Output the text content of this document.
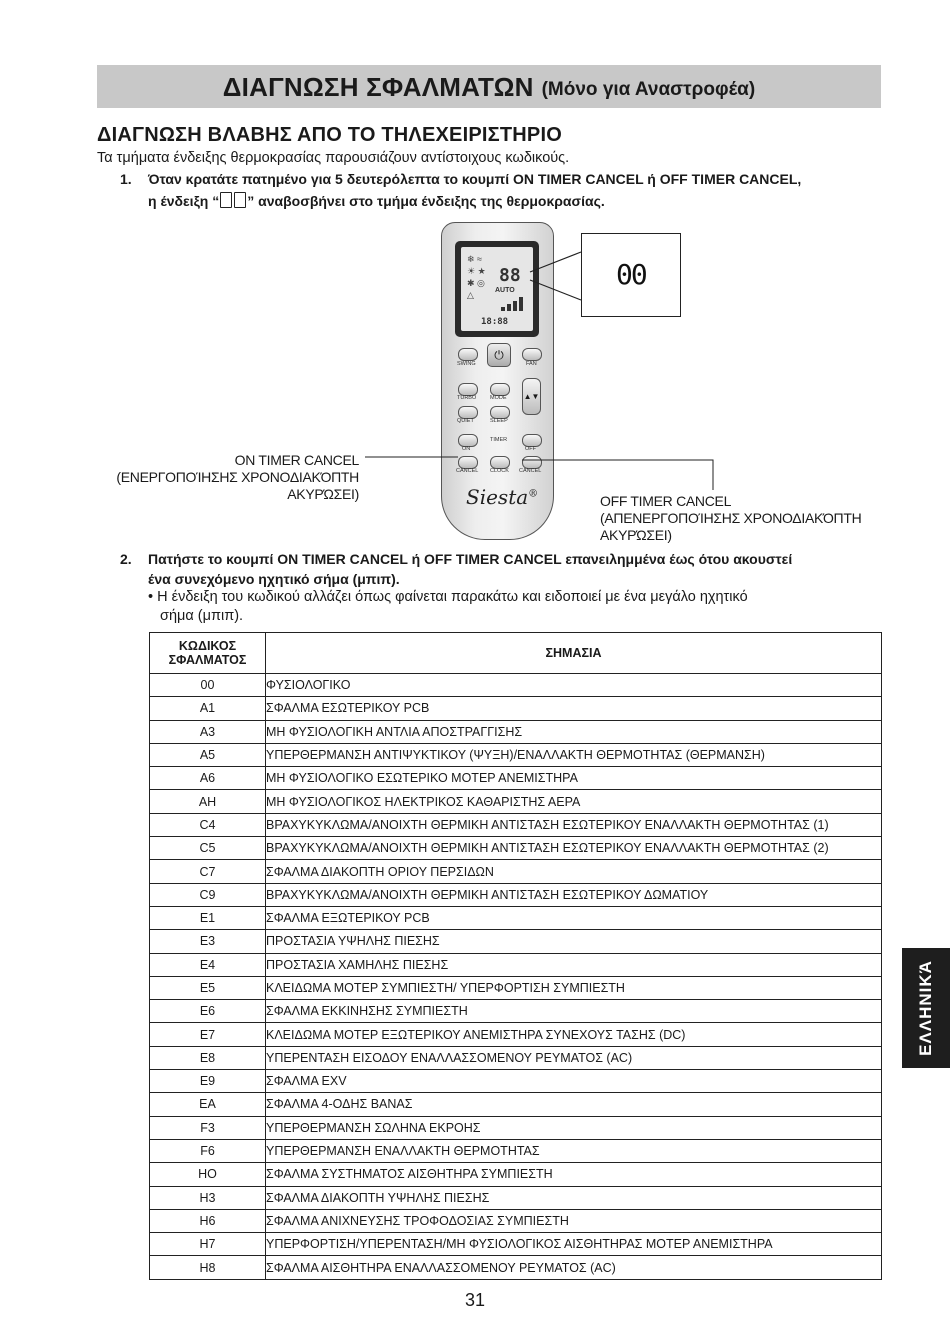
ΔΙΑΓΝΩΣΗ ΣΦΑΛΜΑΤΩΝ (Μόνο για Αναστροφέα)
ΔΙΑΓΝΩΣΗ ΒΛΑΒΗΣ ΑΠΟ ΤΟ ΤΗΛΕΧΕΙΡΙΣΤΗΡΙΟ
Τα τμήματα ένδειξης θερμοκρασίας παρουσιάζουν αντίστοιχους κωδικούς.
1. Όταν κρατάτε πατημένο για 5 δευτερόλεπτα το κουμπί ON TIMER CANCEL ή OFF TIMER CANCEL,
η ένδειξη “ ” αναβοσβήνει στο τμήμα ένδειξης της θερμοκρασίας.
❄ ≈
☀ ★
✱ ◎
△
88
AUTO
18:88
SWING
⏻
FAN
TURBO	MODE
QUIET	SLEEP
▲▼
TIMER
ON	OFF
CANCEL CLOCK CANCEL
Siesta®
00
ON TIMER CANCEL
(ΕΝΕΡΓΟΠΟΊΗΣΗΣ ΧΡΟΝΟΔΙΑΚΌΠΤΗ
ΑΚΥΡΏΣΕΙ)	OFF TIMER CANCEL
(ΑΠΕΝΕΡΓΟΠΟΊΗΣΗΣ ΧΡΟΝΟΔΙΑΚΌΠΤΗ
ΑΚΥΡΏΣΕΙ)
2. Πατήστε το κουμπί ON TIMER CANCEL ή OFF TIMER CANCEL επανειλημμένα έως ότου ακουστεί
ένα συνεχόμενο ηχητικό σήμα (μπιπ).
• Η ένδειξη του κωδικού αλλάζει όπως φαίνεται παρακάτω και ειδοποιεί με ένα μεγάλο ηχητικό
σήμα (μπιπ).
ΚΩΔΙΚΟΣ
ΣΦΑΛΜΑΤΟΣ	ΣΗΜΑΣΙΑ
00	ΦΥΣΙΟΛΟΓΙΚΟ
A1	ΣΦΑΛΜΑ ΕΣΩΤΕΡΙΚΟΥ PCB
A3	ΜΗ ΦΥΣΙΟΛΟΓΙΚΗ ΑΝΤΛΙΑ ΑΠΟΣΤΡΑΓΓΙΣΗΣ
A5	ΥΠΕΡΘΕΡΜΑΝΣΗ ΑΝΤΙΨΥΚΤΙΚΟΥ (ΨΥΞΗ)/ΕΝΑΛΛΑΚΤΗ ΘΕΡΜΟΤΗΤΑΣ (ΘΕΡΜΑΝΣΗ)
A6	ΜΗ ΦΥΣΙΟΛΟΓΙΚΟ ΕΣΩΤΕΡΙΚΟ ΜΟΤΕΡ ΑΝΕΜΙΣΤΗΡΑ
AH	ΜΗ ΦΥΣΙΟΛΟΓΙΚΟΣ ΗΛΕΚΤΡΙΚΟΣ ΚΑΘΑΡΙΣΤΗΣ ΑΕΡΑ
C4	ΒΡΑΧΥΚΥΚΛΩΜΑ/ΑΝΟΙΧΤΗ ΘΕΡΜΙΚΗ ΑΝΤΙΣΤΑΣΗ ΕΣΩΤΕΡΙΚΟΥ ΕΝΑΛΛΑΚΤΗ ΘΕΡΜΟΤΗΤΑΣ (1)
C5	ΒΡΑΧΥΚΥΚΛΩΜΑ/ΑΝΟΙΧΤΗ ΘΕΡΜΙΚΗ ΑΝΤΙΣΤΑΣΗ ΕΣΩΤΕΡΙΚΟΥ ΕΝΑΛΛΑΚΤΗ ΘΕΡΜΟΤΗΤΑΣ (2)
C7	ΣΦΑΛΜΑ ΔΙΑΚΟΠΤΗ ΟΡΙΟΥ ΠΕΡΣΙΔΩΝ
C9	ΒΡΑΧΥΚΥΚΛΩΜΑ/ΑΝΟΙΧΤΗ ΘΕΡΜΙΚΗ ΑΝΤΙΣΤΑΣΗ ΕΣΩΤΕΡΙΚΟΥ ΔΩΜΑΤΙΟΥ
E1	ΣΦΑΛΜΑ ΕΞΩΤΕΡΙΚΟΥ PCB
E3	ΠΡΟΣΤΑΣΙΑ ΥΨΗΛΗΣ ΠΙΕΣΗΣ
E4	ΠΡΟΣΤΑΣΙΑ ΧΑΜΗΛΗΣ ΠΙΕΣΗΣ
E5	ΚΛΕΙΔΩΜΑ ΜΟΤΕΡ ΣΥΜΠΙΕΣΤΗ/ ΥΠΕΡΦΟΡΤΙΣΗ ΣΥΜΠΙΕΣΤΗ
E6	ΣΦΑΛΜΑ ΕΚΚΙΝΗΣΗΣ ΣΥΜΠΙΕΣΤΗ
E7	ΚΛΕΙΔΩΜΑ ΜΟΤΕΡ ΕΞΩΤΕΡΙΚΟΥ ΑΝΕΜΙΣΤΗΡΑ ΣΥΝΕΧΟΥΣ ΤΑΣΗΣ (DC)
E8	ΥΠΕΡΕΝΤΑΣΗ ΕΙΣΟΔΟΥ ΕΝΑΛΛΑΣΣΟΜΕΝΟΥ ΡΕΥΜΑΤΟΣ (AC)
E9	ΣΦΑΛΜΑ EXV
EA	ΣΦΑΛΜΑ 4-ΟΔΗΣ ΒΑΝΑΣ
F3	ΥΠΕΡΘΕΡΜΑΝΣΗ ΣΩΛΗΝΑ ΕΚΡΟΗΣ
F6	ΥΠΕΡΘΕΡΜΑΝΣΗ ΕΝΑΛΛΑΚΤΗ ΘΕΡΜΟΤΗΤΑΣ
HO	ΣΦΑΛΜΑ ΣΥΣΤΗΜΑΤΟΣ ΑΙΣΘΗΤΗΡΑ ΣΥΜΠΙΕΣΤΗ
H3	ΣΦΑΛΜΑ ΔΙΑΚΟΠΤΗ ΥΨΗΛΗΣ ΠΙΕΣΗΣ
H6	ΣΦΑΛΜΑ ΑΝΙΧΝΕΥΣΗΣ ΤΡΟΦΟΔΟΣΙΑΣ ΣΥΜΠΙΕΣΤΗ
H7	ΥΠΕΡΦΟΡΤΙΣΗ/ΥΠΕΡΕΝΤΑΣΗ/ΜΗ ΦΥΣΙΟΛΟΓΙΚΟΣ ΑΙΣΘΗΤΗΡΑΣ ΜΟΤΕΡ ΑΝΕΜΙΣΤΗΡΑ
H8	ΣΦΑΛΜΑ ΑΙΣΘΗΤΗΡΑ ΕΝΑΛΛΑΣΣΟΜΕΝΟΥ ΡΕΥΜΑΤΟΣ (AC)
ΕΛΛΗΝΙΚΆ
31
